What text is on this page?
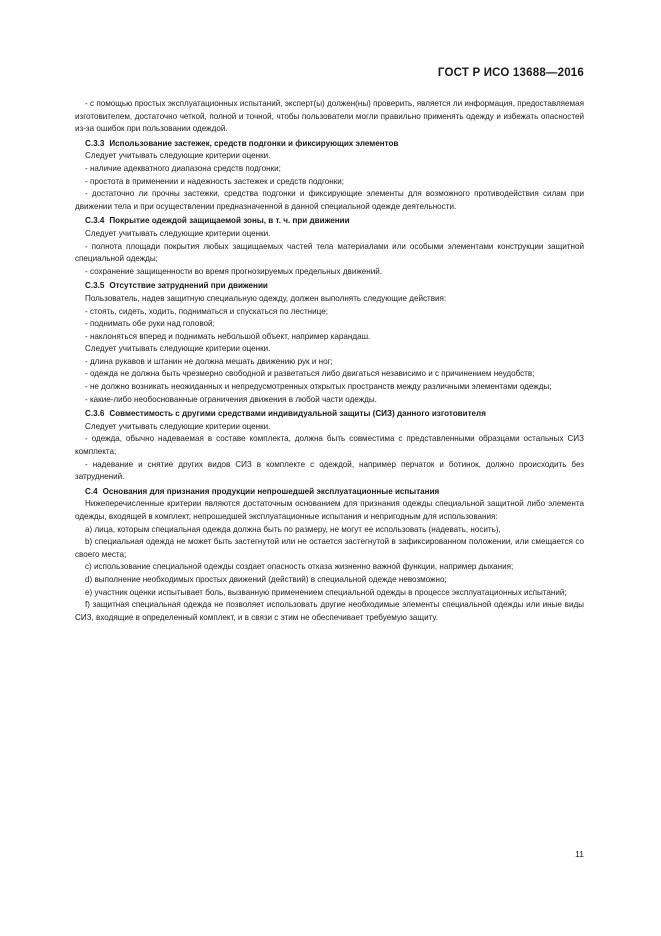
ГОСТ Р ИСО 13688—2016

- с помощью простых эксплуатационных испытаний, эксперт(ы) должен(ны) проверить, является ли информация, предоставляемая изготовителем, достаточно четкой, полной и точной, чтобы пользователи могли правильно применять одежду и избежать опасностей из-за ошибок при пользовании одеждой.

С.3.3 Использование застежек, средств подгонки и фиксирующих элементов

Следует учитывать следующие критерии оценки.

- наличие адекватного диапазона средств подгонки;

- простота в применении и надежность застежек и средств подгонки;

- достаточно ли прочны застежки, средства подгонки и фиксирующие элементы для возможного противодействия силам при движении тела и при осуществлении предназначенной в данной специальной одежде деятельности.

С.3.4 Покрытие одеждой защищаемой зоны, в т. ч. при движении

Следует учитывать следующие критерии оценки.

- полнота площади покрытия любых защищаемых частей тела материалами или особыми элементами конструкции защитной специальной одежды;

- сохранение защищенности во время прогнозируемых предельных движений.

С.3.5 Отсутствие затруднений при движении

Пользователь, надев защитную специальную одежду, должен выполнять следующие действия:

- стоять, сидеть, ходить, подниматься и спускаться по лестнице;

- поднимать обе руки над головой;

- наклоняться вперед и поднимать небольшой объект, например карандаш.

Следует учитывать следующие критерии оценки.

- длина рукавов и штанин не должна мешать движению рук и ног;

- одежда не должна быть чрезмерно свободной и разветаться либо двигаться независимо и с причинением неудобств;

- не должно возникать неожиданных и непредусмотренных открытых пространств между различными элементами одежды;

- какие-либо необоснованные ограничения движения в любой части одежды.

С.3.6 Совместимость с другими средствами индивидуальной защиты (СИЗ) данного изготовителя

Следует учитывать следующие критерии оценки.

- одежда, обычно надеваемая в составе комплекта, должна быть совместима с представленными образцами остальных СИЗ комплекта;

- надевание и снятие других видов СИЗ в комплекте с одеждой, например перчаток и ботинок, должно происходить без затруднений.

С.4 Основания для признания продукции непрошедшей эксплуатационные испытания

Нижеперечисленные критерии являются достаточным основанием для признания одежды специальной защитной либо элемента одежды, входящей в комплект, непрошедшей эксплуатационные испытания и непригодным для использования:

а) лица, которым специальная одежда должна быть по размеру, не могут ее использовать (надевать, носить),

b) специальная одежда не может быть застегнутой или не остается застегнутой в зафиксированном положении, или смещается со своего места;

c) использование специальной одежды создает опасность отказа жизненно важной функции, например дыхания;

d) выполнение необходимых простых движений (действий) в специальной одежде невозможно;

e) участник оценки испытывает боль, вызванную применением специальной одежды в процессе эксплуатационных испытаний;

f) защитная специальная одежда не позволяет использовать другие необходимые элементы специальной одежды или иные виды СИЗ, входящие в определенный комплект, и в связи с этим не обеспечивает требуемую защиту.

11
